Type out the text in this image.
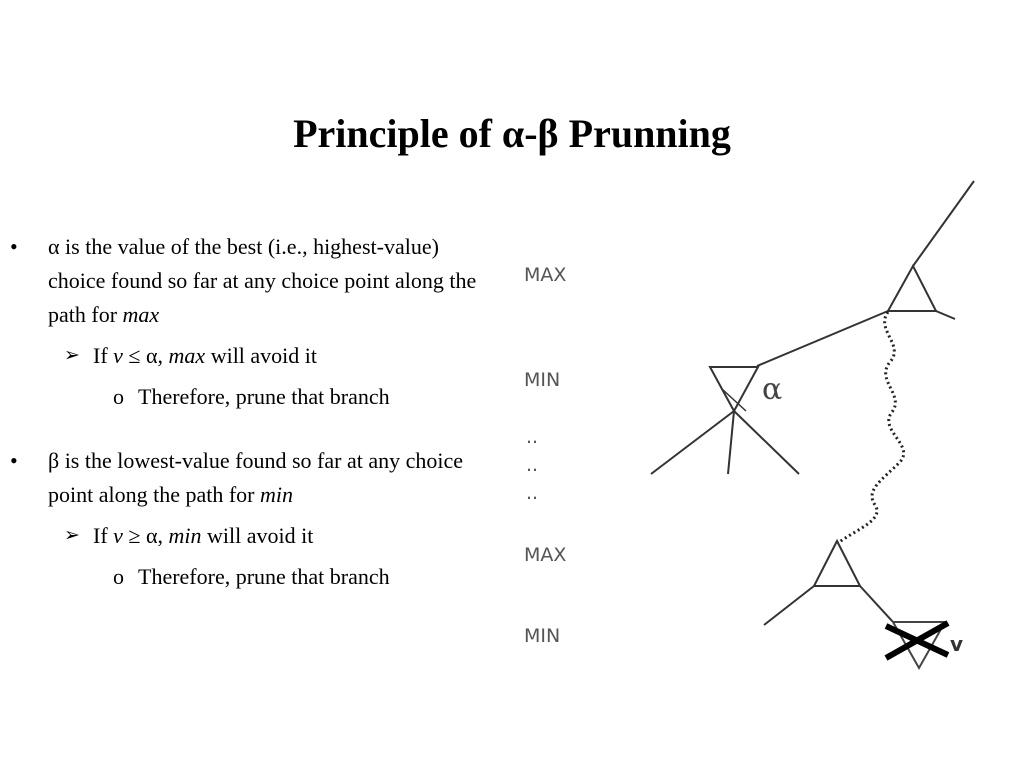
Principle of α-β Prunning
• α is the value of the best (i.e., highest-value) choice found so far at any choice point along the path for max
➢ If v ≤ α, max will avoid it
o Therefore, prune that branch
• β is the lowest-value found so far at any choice point along the path for min
➢ If v ≥ α, min will avoid it
o Therefore, prune that branch
MAX
MIN
..
..
..
MAX
MIN
α
v
